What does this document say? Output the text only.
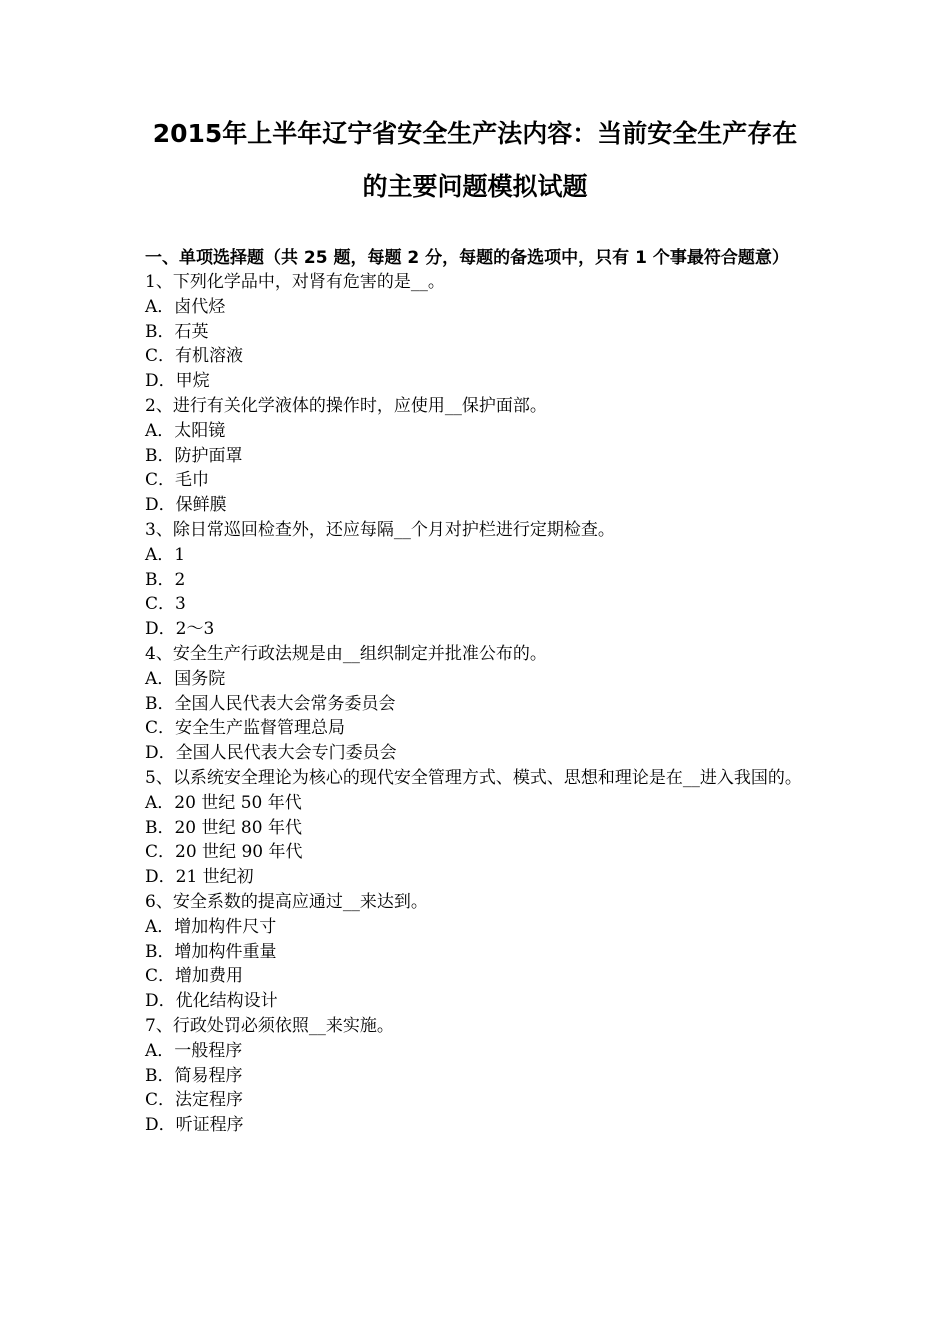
2015年上半年辽宁省安全生产法内容：当前安全生产存在
的主要问题模拟试题
一、单项选择题（共 25 题，每题 2 分，每题的备选项中，只有 1 个事最符合题意）
1、下列化学品中，对肾有危害的是__。
A．卤代烃
B．石英
C．有机溶液
D．甲烷
2、进行有关化学液体的操作时，应使用__保护面部。
A．太阳镜
B．防护面罩
C．毛巾
D．保鲜膜
3、除日常巡回检查外，还应每隔__个月对护栏进行定期检查。
A．1
B．2
C．3
D．2～3
4、安全生产行政法规是由__组织制定并批准公布的。
A．国务院
B．全国人民代表大会常务委员会
C．安全生产监督管理总局
D．全国人民代表大会专门委员会
5、以系统安全理论为核心的现代安全管理方式、模式、思想和理论是在__进入我国的。
A．20 世纪 50 年代
B．20 世纪 80 年代
C．20 世纪 90 年代
D．21 世纪初
6、安全系数的提高应通过__来达到。
A．增加构件尺寸
B．增加构件重量
C．增加费用
D．优化结构设计
7、行政处罚必须依照__来实施。
A．一般程序
B．简易程序
C．法定程序
D．听证程序
